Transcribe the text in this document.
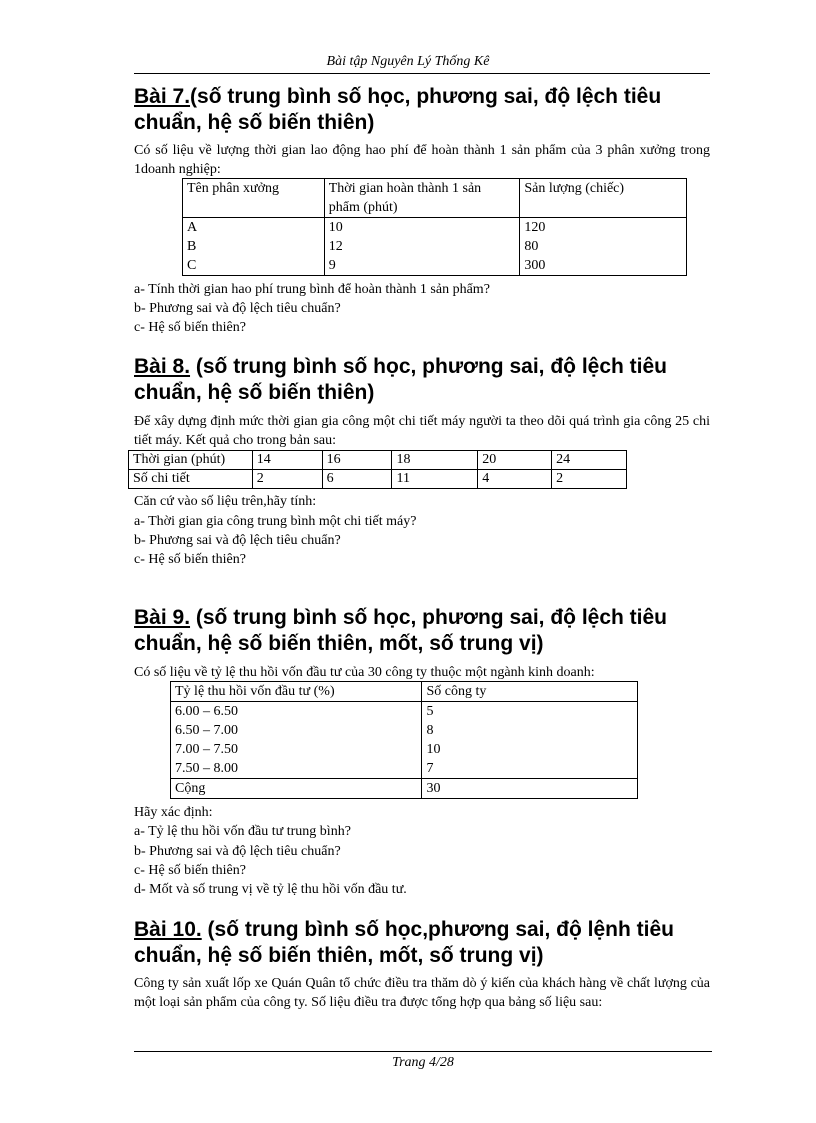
Bài tập Nguyên Lý Thống Kê
Bài 7.(số trung bình số học, phương sai, độ lệch tiêu chuẩn, hệ số biến thiên)
Có số liệu về lượng thời gian lao động hao phí để hoàn thành 1 sản phẩm của 3 phân xưởng trong 1doanh nghiệp:
Tên phân xưởng	Thời gian hoàn thành 1 sản phẩm (phút)	Sản lượng (chiếc)
A	10	120
B	12	80
C	9	300
a- Tính thời gian hao phí trung bình để hoàn thành 1 sản phẩm?
b- Phương sai và độ lệch tiêu chuẩn?
c- Hệ số biến thiên?
Bài 8. (số trung bình số học, phương sai, độ lệch tiêu chuẩn, hệ số biến thiên)
Để xây dựng định mức thời gian gia công một chi tiết máy người ta theo dõi quá trình gia công 25 chi tiết máy. Kết quả cho trong bản sau:
Thời gian (phút)	14	16	18	20	24
Số chi tiết	2	6	11	4	2
Căn cứ vào số liệu trên,hãy tính:
a- Thời gian gia công trung bình một chi tiết máy?
b- Phương sai và độ lệch tiêu chuẩn?
c- Hệ số biến thiên?
Bài 9. (số trung bình số học, phương sai, độ lệch tiêu chuẩn, hệ số biến thiên, mốt, số trung vị)
Có số liệu về tỷ lệ thu hồi vốn đầu tư của 30 công ty thuộc một ngành kinh doanh:
Tỷ lệ thu hồi vốn đầu tư (%)	Số công ty
6.00 – 6.50	5
6.50 – 7.00	8
7.00 – 7.50	10
7.50 – 8.00	7
Cộng	30
Hãy xác định:
a- Tỷ lệ thu hồi vốn đầu tư trung bình?
b- Phương sai và độ lệch tiêu chuẩn?
c- Hệ số biến thiên?
d- Mốt và số trung vị về tỷ lệ thu hồi vốn đầu tư.
Bài 10. (số trung bình số học,phương sai, độ lệnh tiêu chuẩn, hệ số biến thiên, mốt, số trung vị)
Công ty sản xuất lốp xe Quán Quân tổ chức điều tra thăm dò ý kiến của khách hàng về chất lượng của một loại sản phẩm của công ty. Số liệu điều tra được tổng hợp qua bảng số liệu sau:
Trang 4/28
